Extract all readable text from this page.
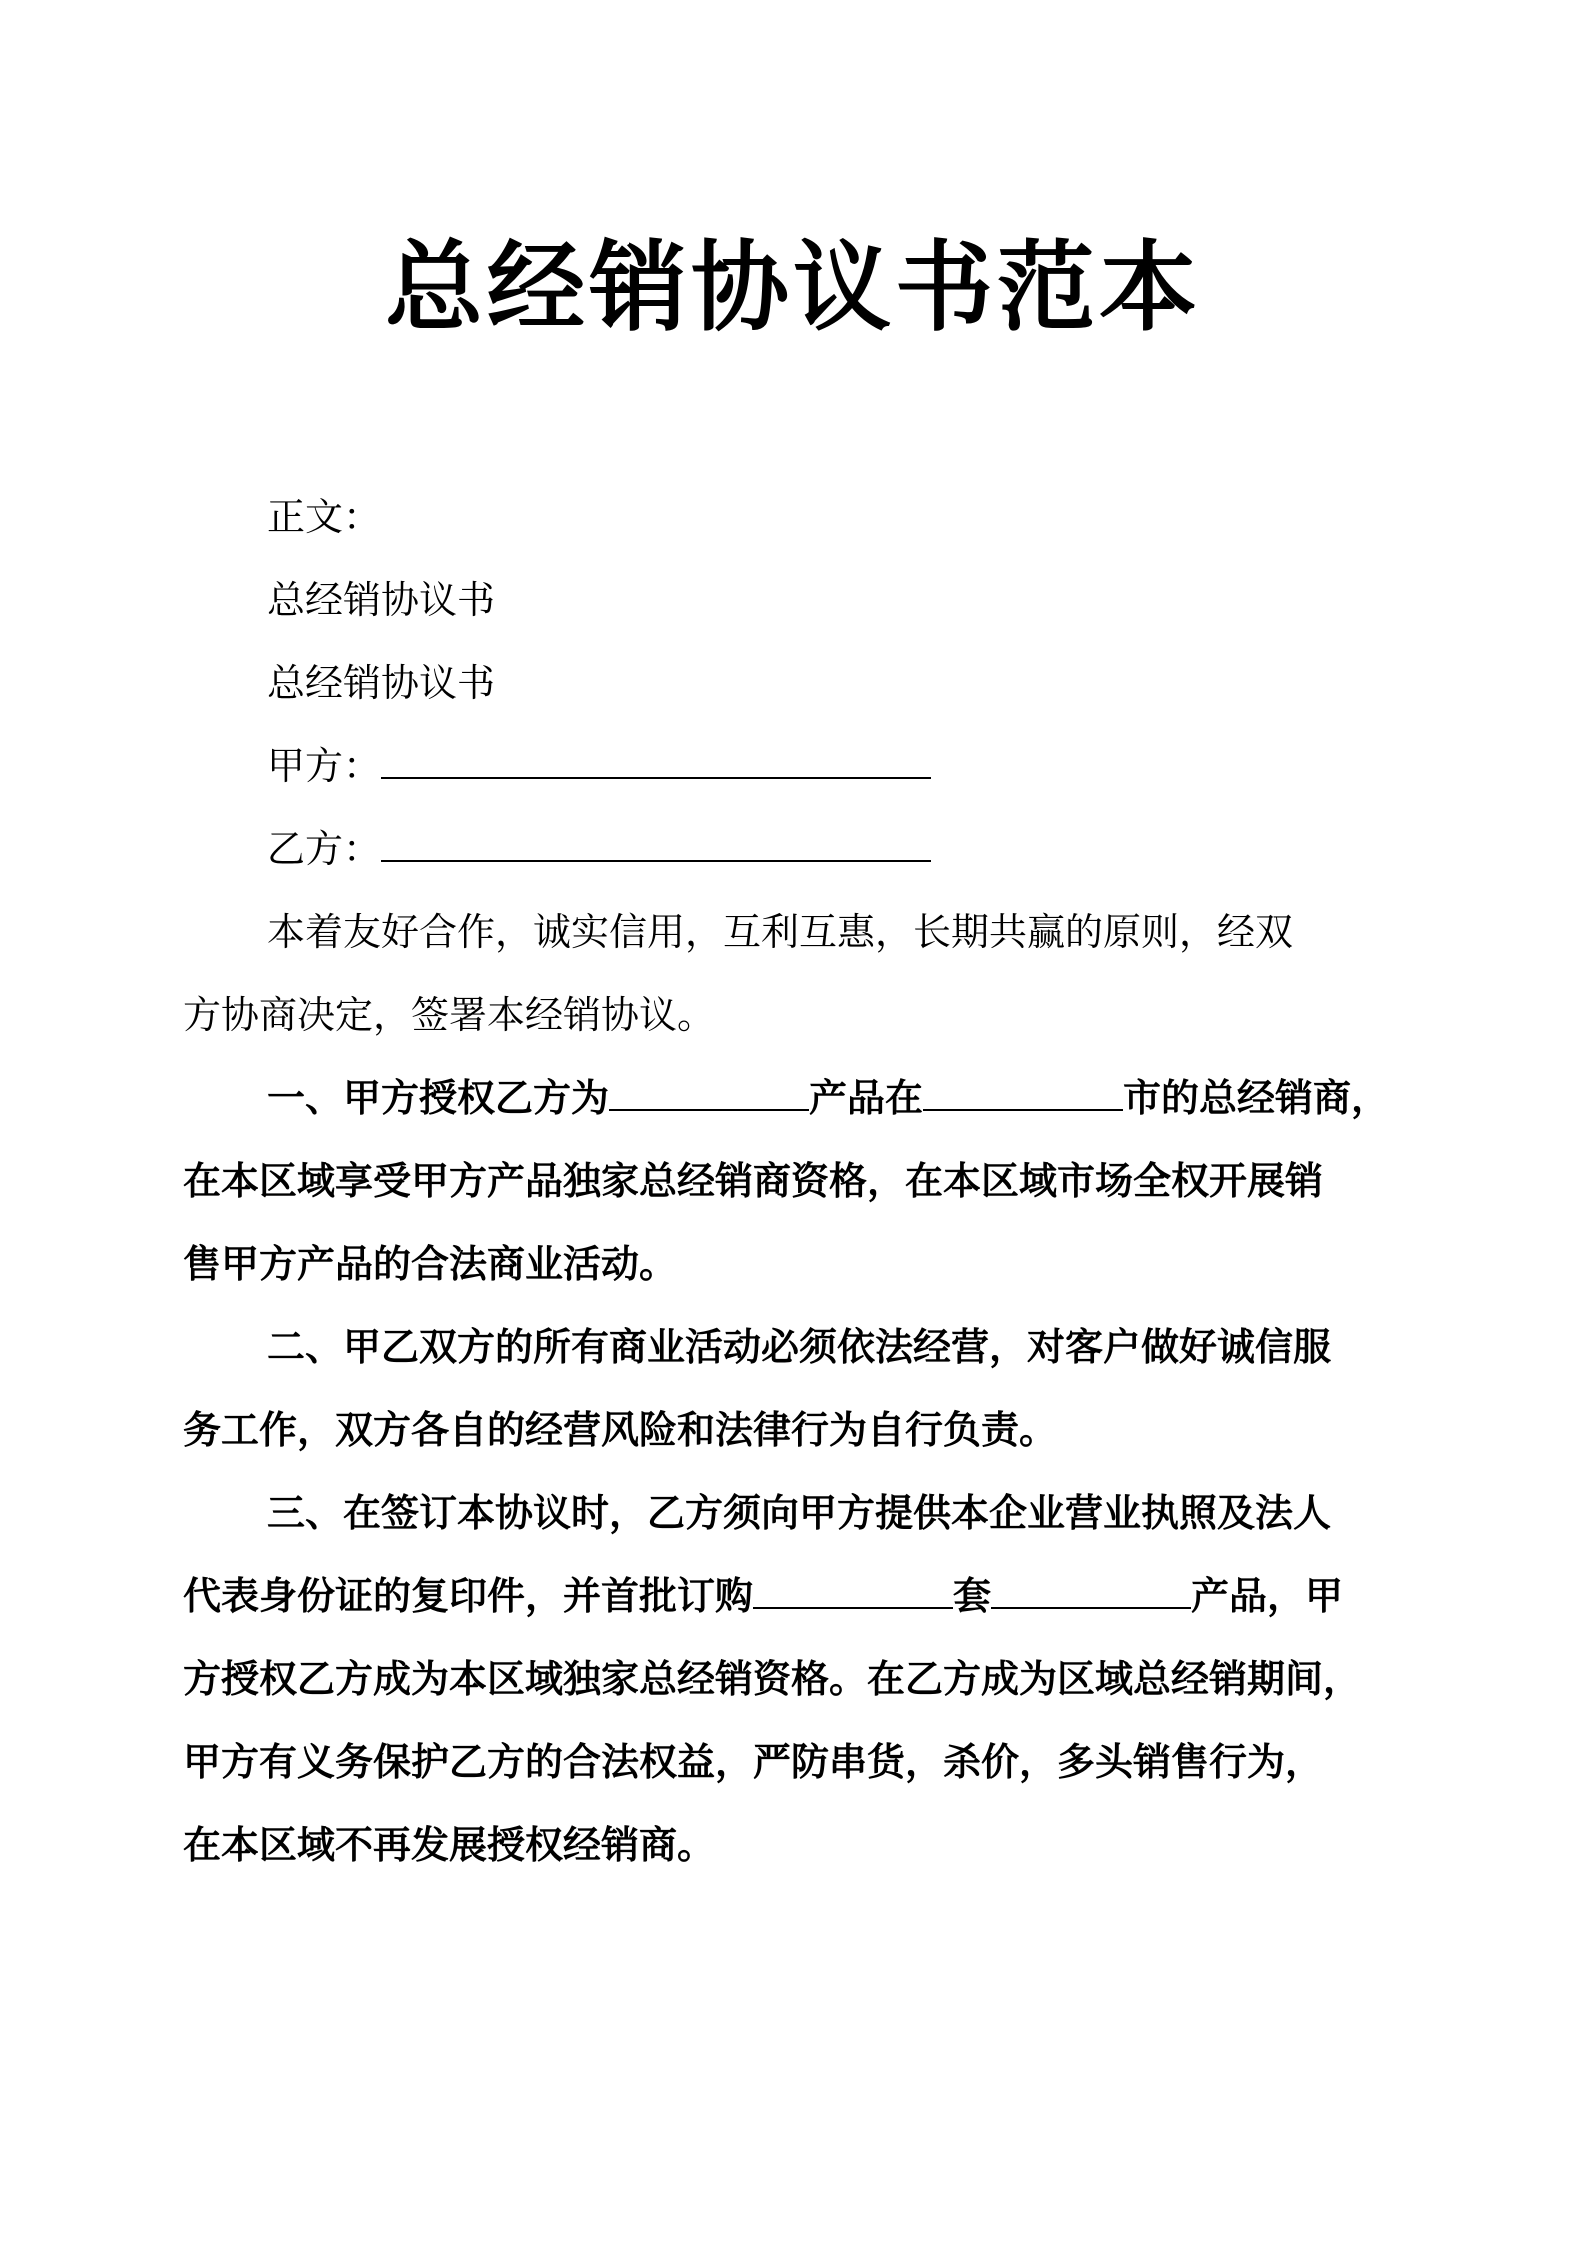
总经销协议书范本

正文：

总经销协议书

总经销协议书

甲方：

乙方：

本着友好合作，诚实信用，互利互惠，长期共赢的原则，经双

方协商决定，签署本经销协议。

一、甲方授权乙方为	产品在	市的总经销商，

在本区域享受甲方产品独家总经销商资格，在本区域市场全权开展销

售甲方产品的合法商业活动。

二、甲乙双方的所有商业活动必须依法经营，对客户做好诚信服

务工作，双方各自的经营风险和法律行为自行负责。

三、在签订本协议时，乙方须向甲方提供本企业营业执照及法人

代表身份证的复印件，并首批订购	套	产品，甲

方授权乙方成为本区域独家总经销资格。在乙方成为区域总经销期间，

甲方有义务保护乙方的合法权益，严防串货，杀价，多头销售行为，

在本区域不再发展授权经销商。
